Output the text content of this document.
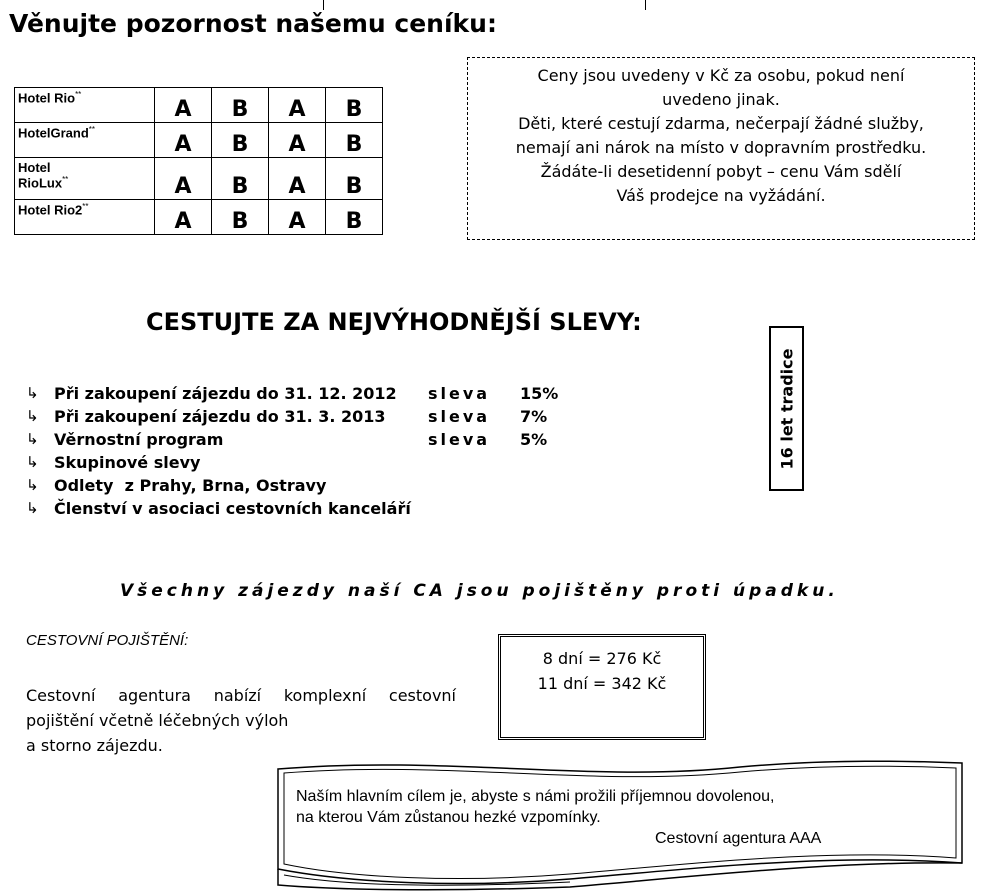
Věnujte pozornost našemu ceníku:
Hotel Rio**	A	B	A	B
HotelGrand**	A	B	A	B
Hotel
RioLux**	A	B	A	B
Hotel Rio2**	A	B	A	B
Ceny jsou uvedeny v Kč za osobu, pokud není
uvedeno jinak.
Děti, které cestují zdarma, nečerpají žádné služby,
nemají ani nárok na místo v dopravním prostředku.
Žádáte-li desetidenní pobyt – cenu Vám sdělí
Váš prodejce na vyžádání.
CESTUJTE ZA NEJVÝHODNĚJŠÍ SLEVY:
↳ Při zakoupení zájezdu do 31. 12. 2012	sleva	15%
↳ Při zakoupení zájezdu do 31. 3. 2013	sleva	7%
↳ Věrnostní program	sleva	5%
↳ Skupinové slevy
↳ Odlety  z Prahy, Brna, Ostravy
↳ Členství v asociaci cestovních kanceláří
16 let tradice
Všechny zájezdy naší CA jsou pojištěny proti úpadku.
CESTOVNÍ POJIŠTĚNÍ:
Cestovní agentura nabízí komplexní cestovní
pojištění včetně léčebných výloh
a storno zájezdu.
8 dní = 276 Kč
11 dní = 342 Kč
Naším hlavním cílem je, abyste s námi prožili příjemnou dovolenou,
na kterou Vám zůstanou hezké vzpomínky.
Cestovní agentura AAA
